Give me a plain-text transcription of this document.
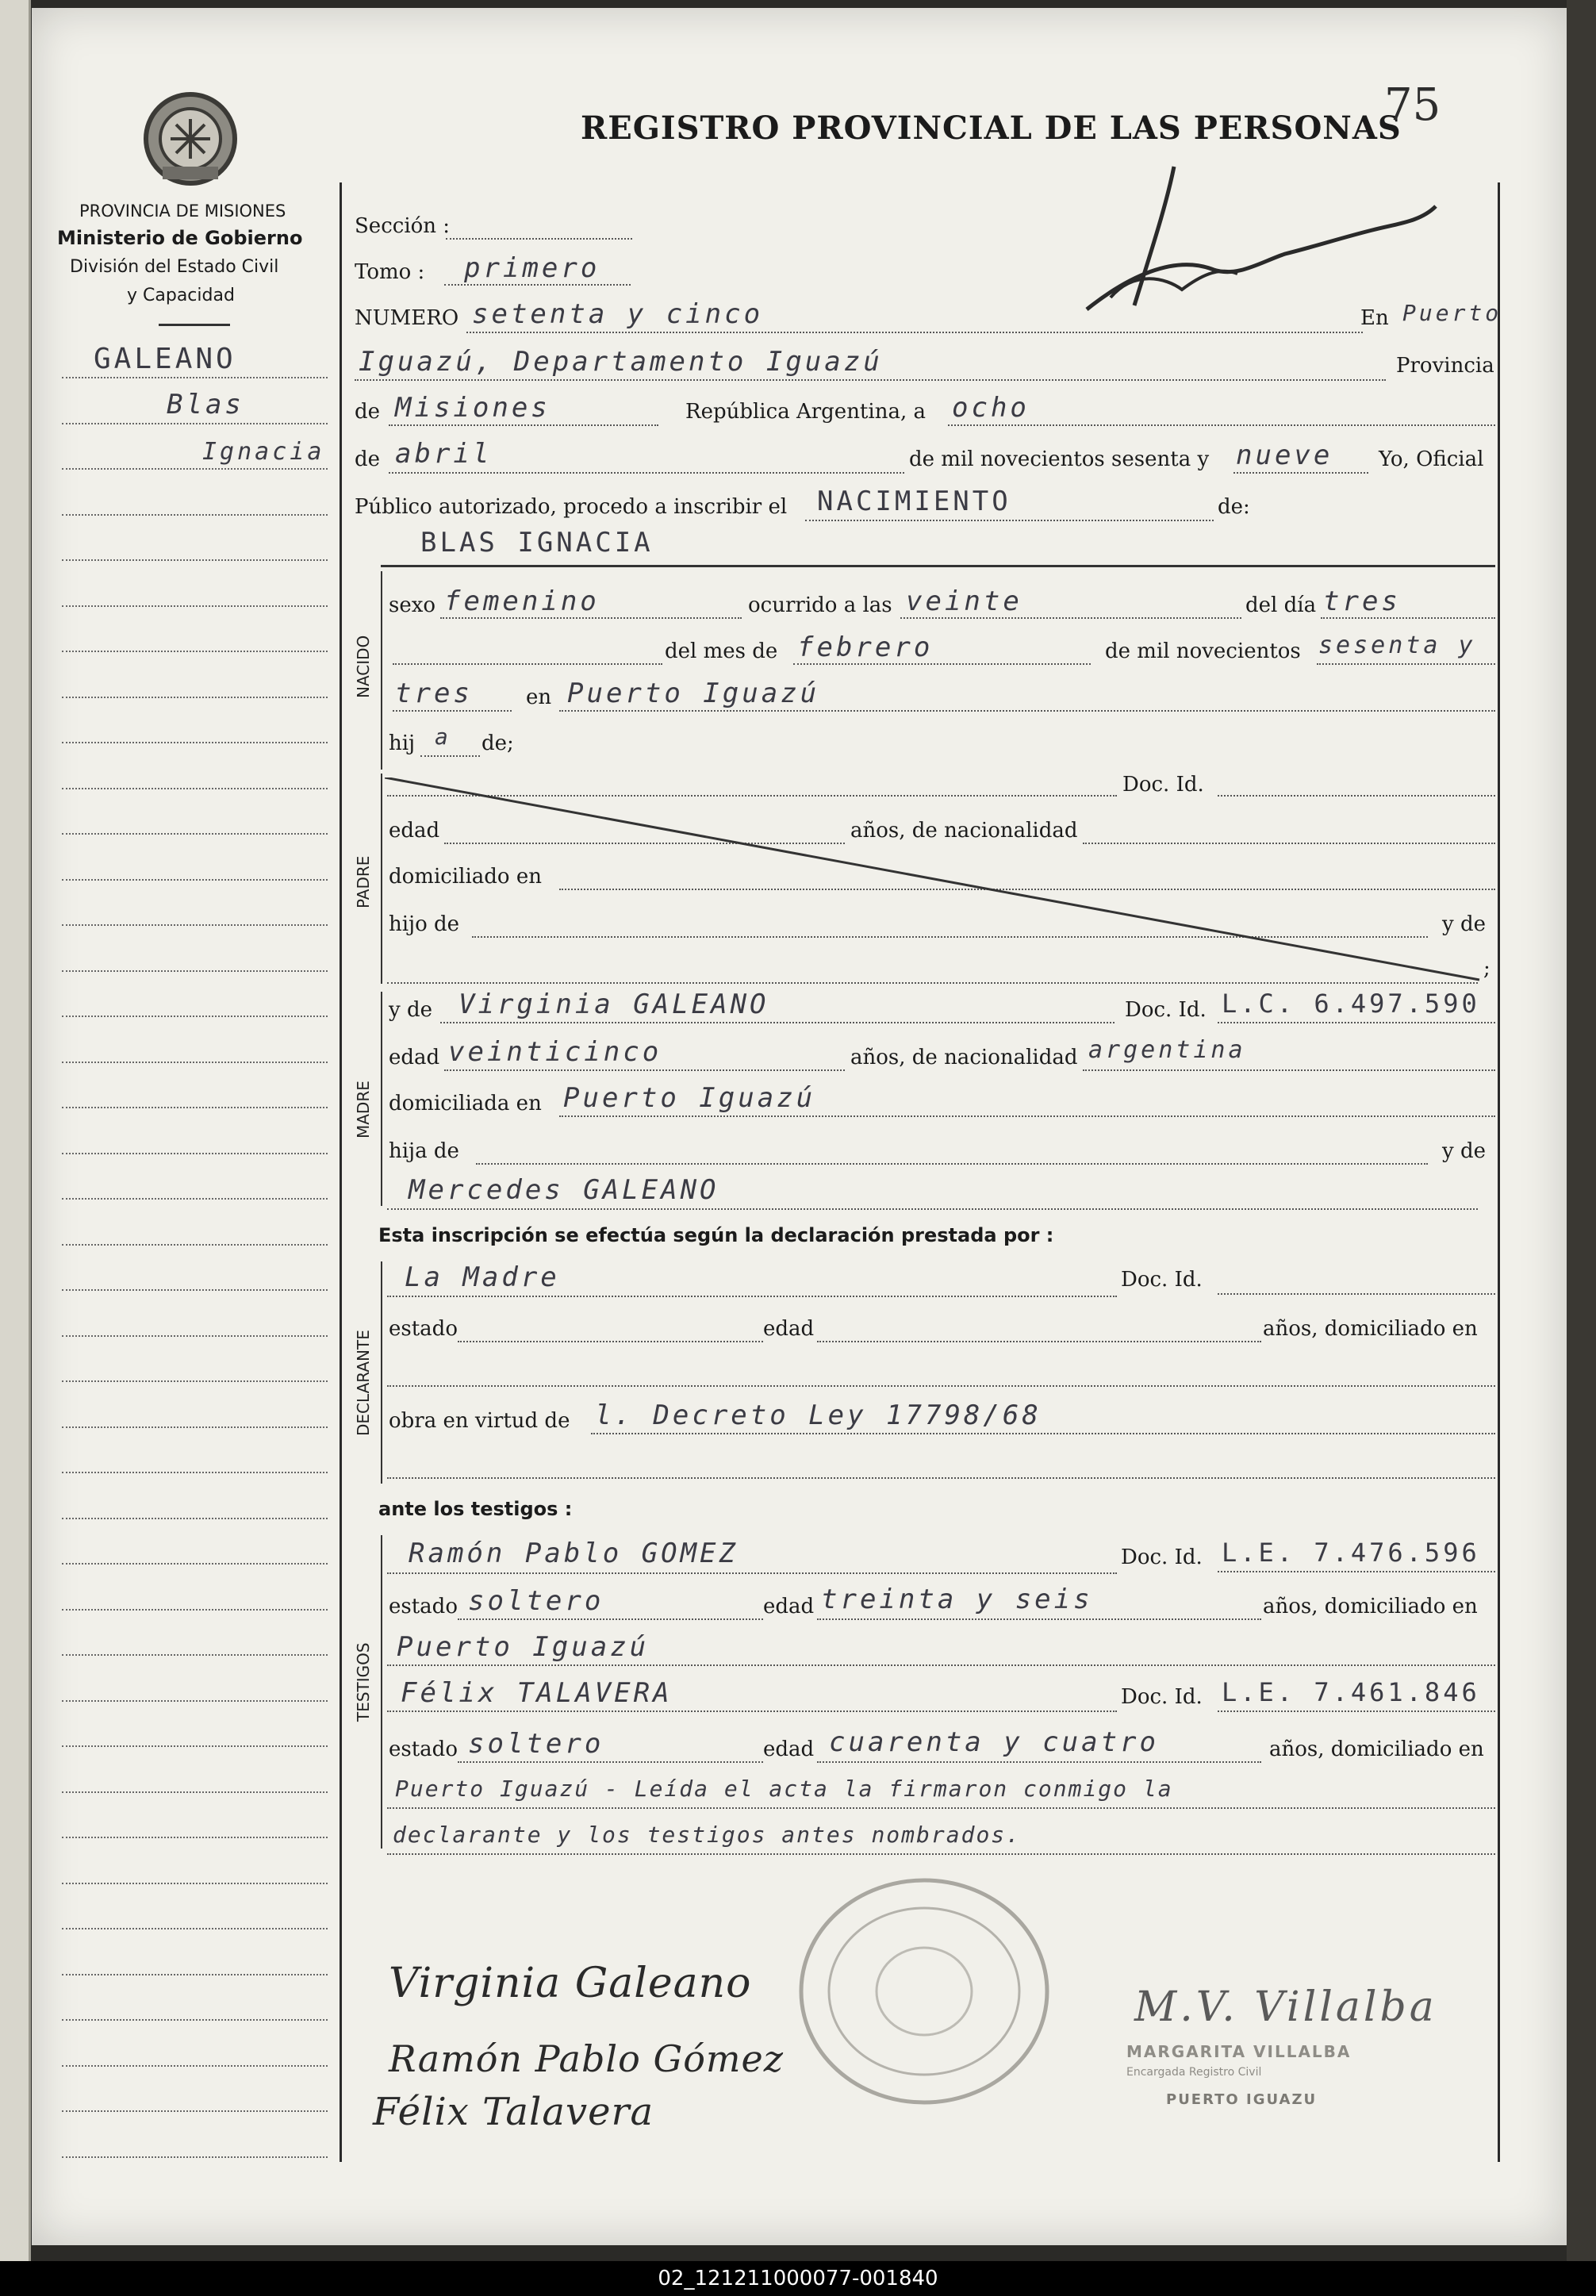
REGISTRO PROVINCIAL DE LAS PERSONAS
75
PROVINCIA DE MISIONES
Ministerio de Gobierno
División del Estado Civil
y Capacidad
GALEANO
Blas
Ignacia
Sección :
Tomo : primero
NUMERO setenta y cinco	En Puerto
Iguazú, Departamento Iguazú	Provincia
de Misiones	República Argentina, a ocho
de abril	de mil novecientos sesenta y nueve Yo, Oficial
Público autorizado, procedo a inscribir el NACIMIENTO	de:
BLAS IGNACIA
NACIDO
sexo femenino	ocurrido a las veinte	del día tres
del mes de febrero	de mil novecientos sesenta y
tres	en Puerto Iguazú
hij a de;
PADRE
Doc. Id.
edad	años, de nacionalidad
domiciliado en
hijo de	y de
;
MADRE
y de Virginia GALEANO	Doc. Id. L.C. 6.497.590
edad veinticinco	años, de nacionalidad argentina
domiciliada en Puerto Iguazú
hija de	y de
Mercedes GALEANO
Esta inscripción se efectúa según la declaración prestada por :
DECLARANTE
La Madre	Doc. Id.
estado	edad	años, domiciliado en
obra en virtud de l. Decreto Ley 17798/68
ante los testigos :
TESTIGOS
Ramón Pablo GOMEZ	Doc. Id. L.E. 7.476.596
estado soltero	edad treinta y seis	años, domiciliado en
Puerto Iguazú
Félix TALAVERA	Doc. Id. L.E. 7.461.846
estado soltero	edad cuarenta y cuatro	años, domiciliado en
Puerto Iguazú - Leída el acta la firmaron conmigo la
declarante y los testigos antes nombrados.
Virginia Galeano
Ramón Pablo Gómez
Félix Talavera
M.V. Villalba
MARGARITA VILLALBA
Encargada Registro Civil
PUERTO IGUAZU
02_121211000077-001840
